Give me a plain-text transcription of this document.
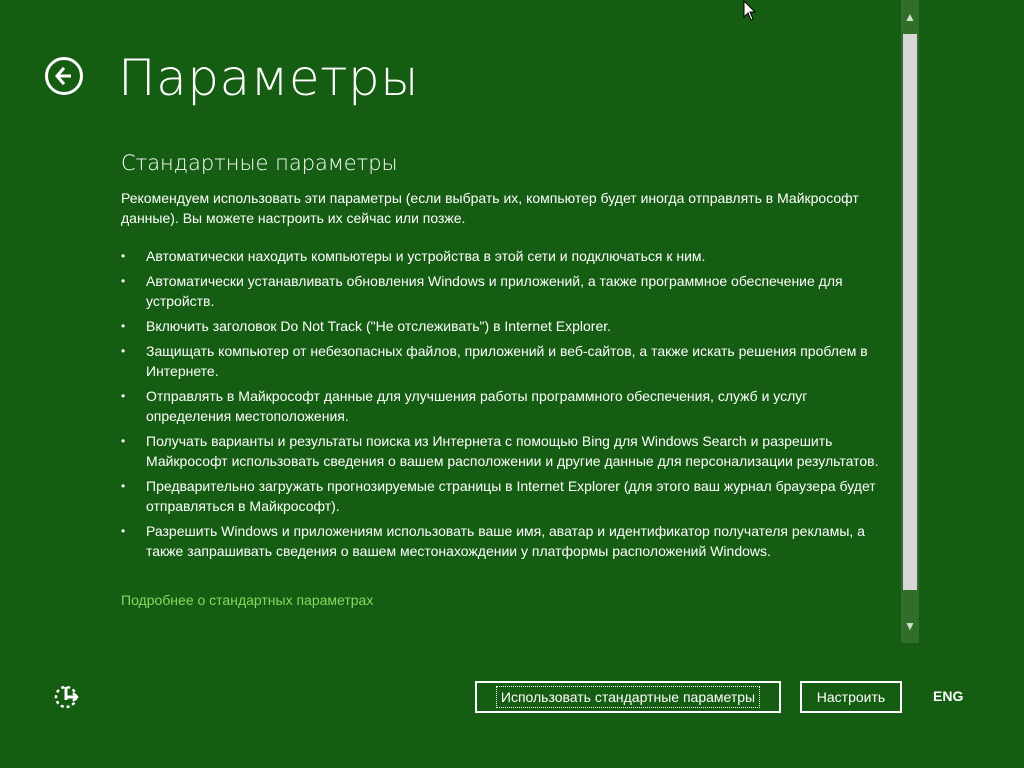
Параметры
Стандартные параметры

Рекомендуем использовать эти параметры (если выбрать их, компьютер будет иногда отправлять в Майкрософт данные). Вы можете настроить их сейчас или позже.

• Автоматически находить компьютеры и устройства в этой сети и подключаться к ним.
• Автоматически устанавливать обновления Windows и приложений, а также программное обеспечение для устройств.
• Включить заголовок Do Not Track ("Не отслеживать") в Internet Explorer.
• Защищать компьютер от небезопасных файлов, приложений и веб-сайтов, а также искать решения проблем в Интернете.
• Отправлять в Майкрософт данные для улучшения работы программного обеспечения, служб и услуг определения местоположения.
• Получать варианты и результаты поиска из Интернета с помощью Bing для Windows Search и разрешить Майкрософт использовать сведения о вашем расположении и другие данные для персонализации результатов.
• Предварительно загружать прогнозируемые страницы в Internet Explorer (для этого ваш журнал браузера будет отправляться в Майкрософт).
• Разрешить Windows и приложениям использовать ваше имя, аватар и идентификатор получателя рекламы, а также запрашивать сведения о вашем местонахождении у платформы расположений Windows.
Подробнее о стандартных параметрах
▲
▼
Использовать стандартные параметры	Настроить	ENG
